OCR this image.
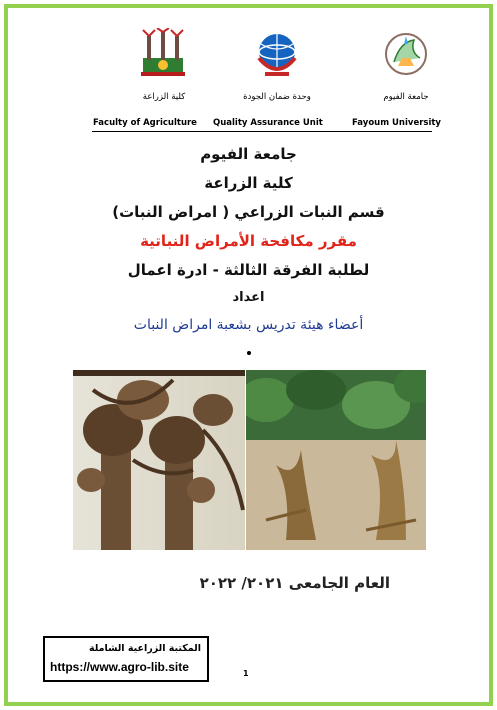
كلية الزراعة	وحدة ضمان الجودة	جامعة الفيوم
Faculty of Agriculture Quality Assurance Unit	Fayoum University
جامعة الفيوم
كلية الزراعة
قسم النبات الزراعي ( امراض النبات)
مقرر مكافحة الأمراض النباتية
لطلبة الفرقة الثالثة - ادرة اعمال
اعداد
أعضاء هيئة تدريس بشعبة امراض النبات
العام الجامعى ٢٠٢١/ ٢٠٢٢
المكتبة الزراعية الشاملة
https://www.agro-lib.site	1
